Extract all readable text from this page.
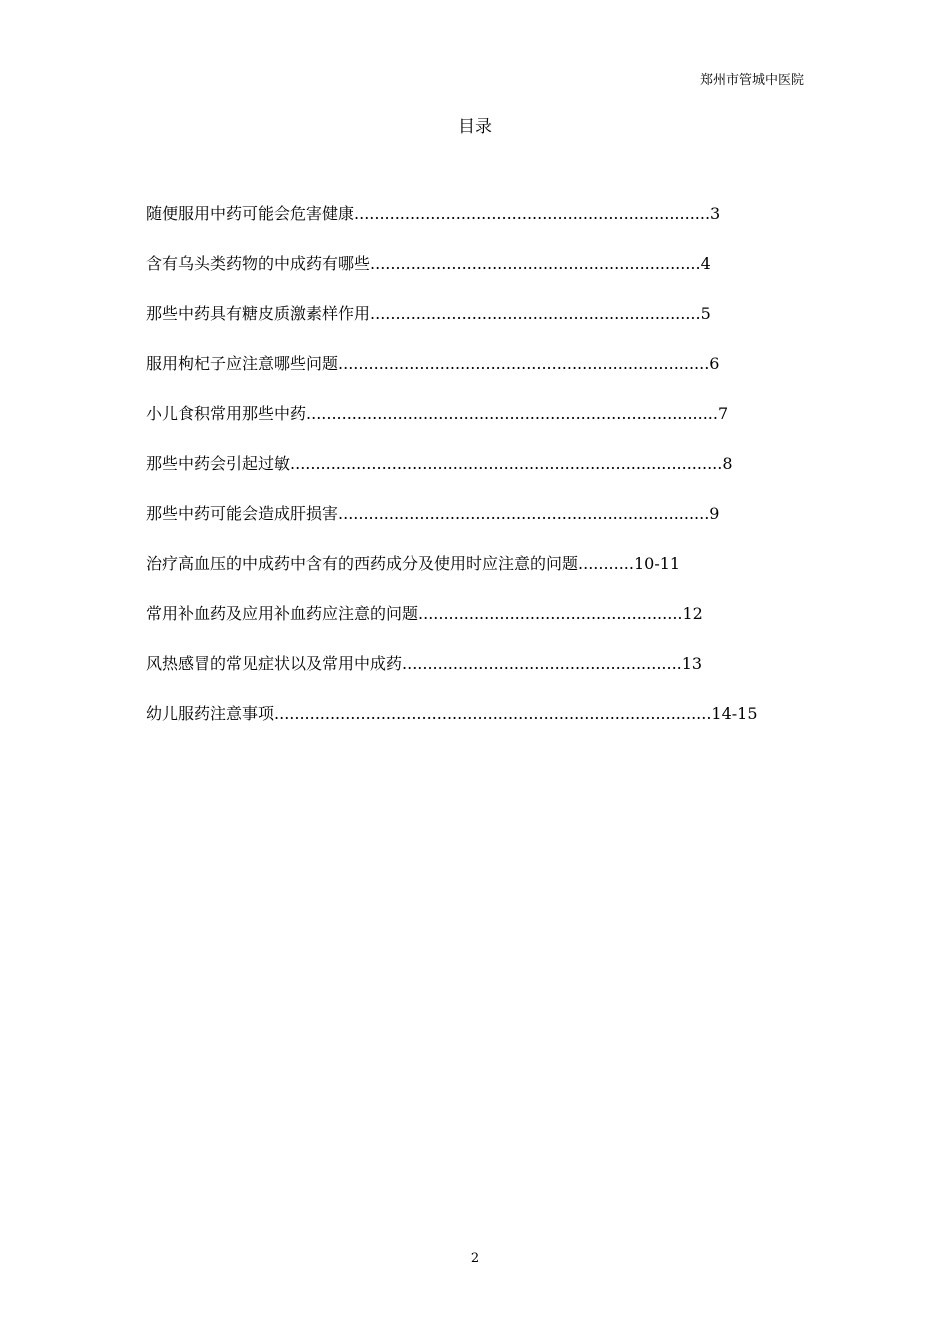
郑州市管城中医院
目录
随便服用中药可能会危害健康......................................................................3
含有乌头类药物的中成药有哪些.................................................................4
那些中药具有糖皮质激素样作用.................................................................5
服用枸杞子应注意哪些问题.........................................................................6
小儿食积常用那些中药.................................................................................7
那些中药会引起过敏.....................................................................................8
那些中药可能会造成肝损害.........................................................................9
治疗高血压的中成药中含有的西药成分及使用时应注意的问题...........10-11
常用补血药及应用补血药应注意的问题....................................................12
风热感冒的常见症状以及常用中成药.......................................................13
幼儿服药注意事项......................................................................................14-15
2
